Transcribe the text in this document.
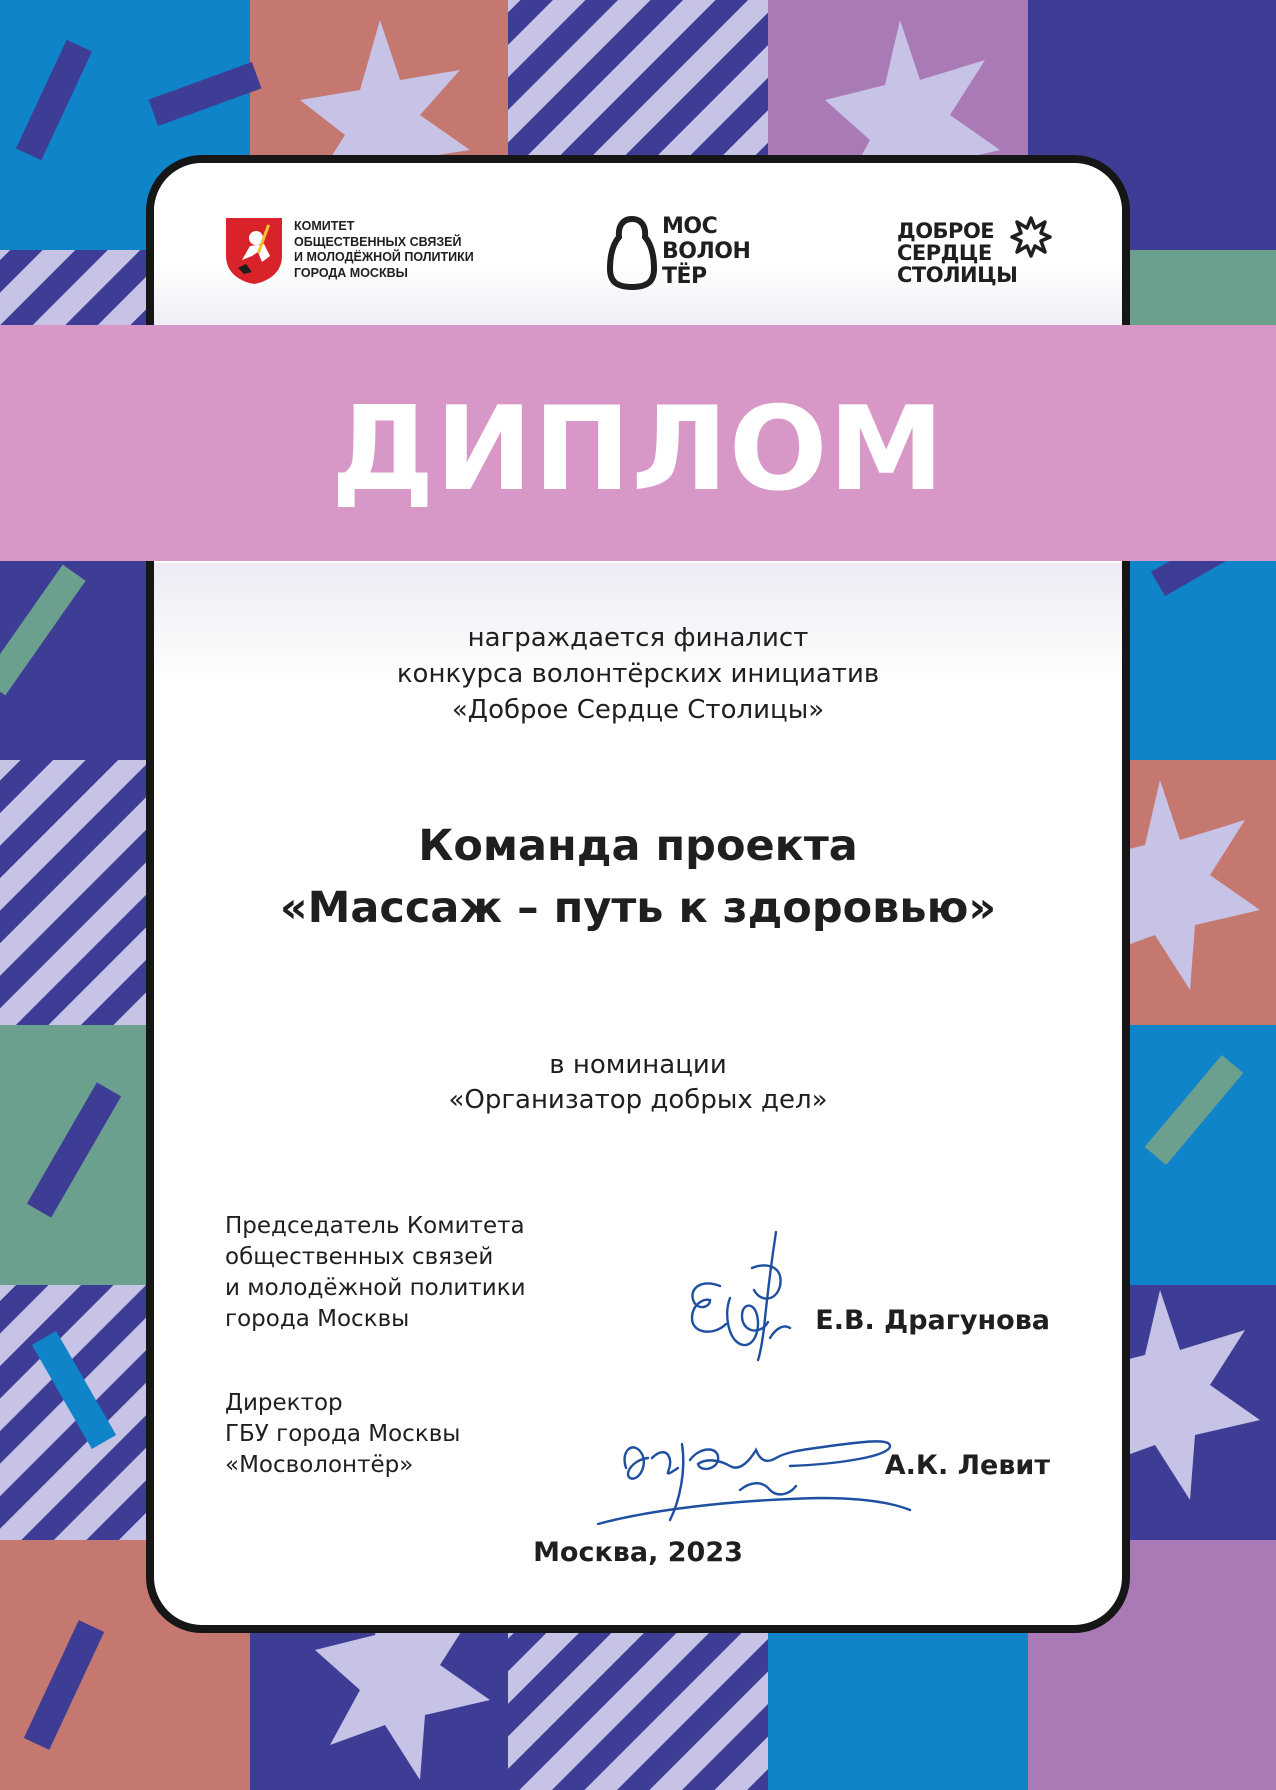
КОМИТЕТ
ОБЩЕСТВЕННЫХ СВЯЗЕЙ
И МОЛОДЁЖНОЙ ПОЛИТИКИ
ГОРОДА МОСКВЫ
МОС
ВОЛОН
ТЁР
ДОБРОЕ
СЕРДЦЕ
СТОЛИЦЫ
ДИПЛОМ
награждается финалист
конкурса волонтёрских инициатив
«Доброе Сердце Столицы»
Команда проекта
«Массаж – путь к здоровью»
в номинации
«Организатор добрых дел»
Председатель Комитета
общественных связей
и молодёжной политики
города Москвы	Е.В. Драгунова
Директор
ГБУ города Москвы
«Мосволонтёр»	А.К. Левит
Москва, 2023
